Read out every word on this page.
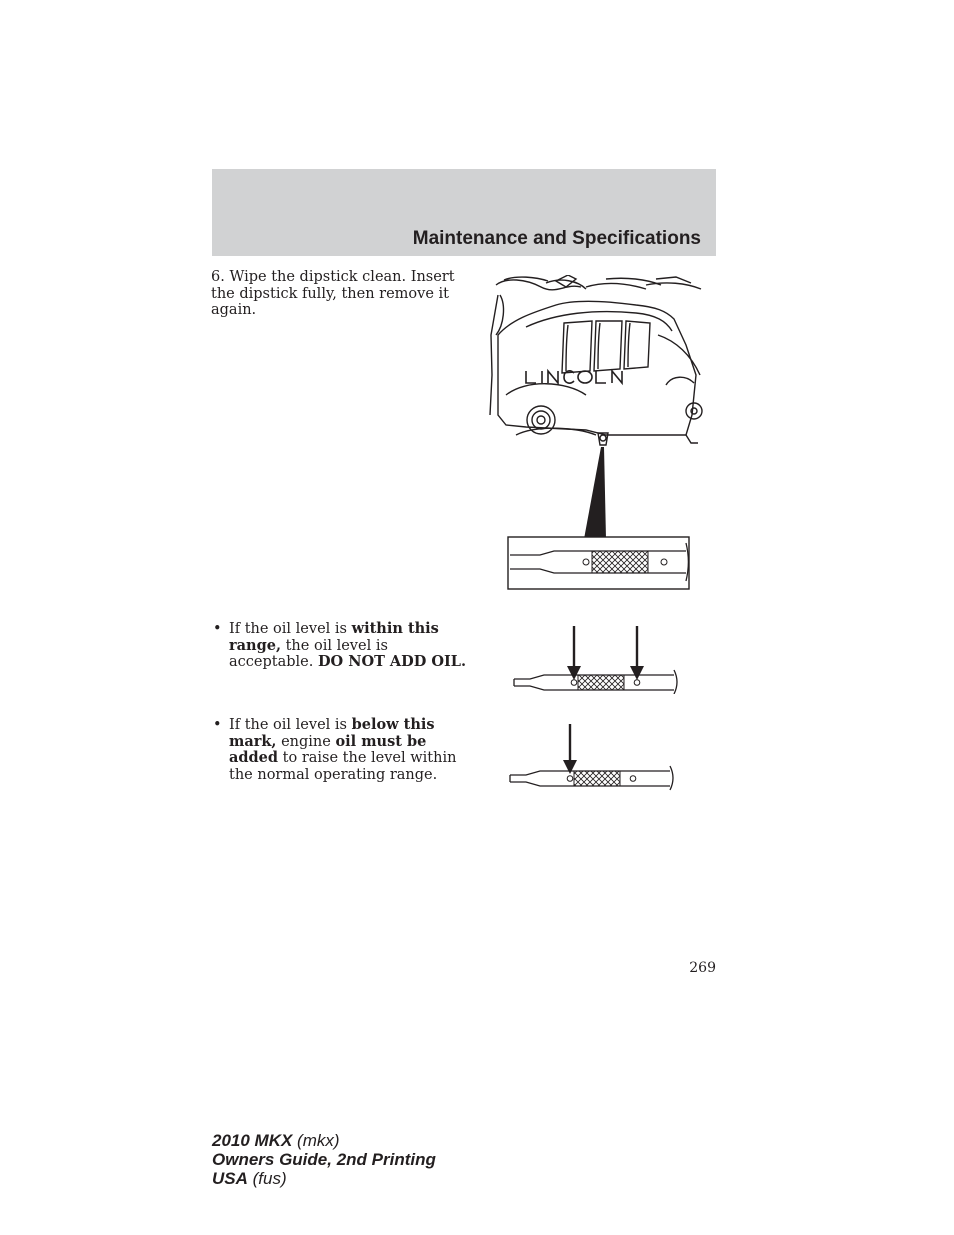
Maintenance and Specifications

6. Wipe the dipstick clean. Insert the dipstick fully, then remove it again.

• If the oil level is within this range, the oil level is acceptable. DO NOT ADD OIL.

• If the oil level is below this mark, engine oil must be added to raise the level within the normal operating range.

269
2010 MKX (mkx)
Owners Guide, 2nd Printing
USA (fus)
